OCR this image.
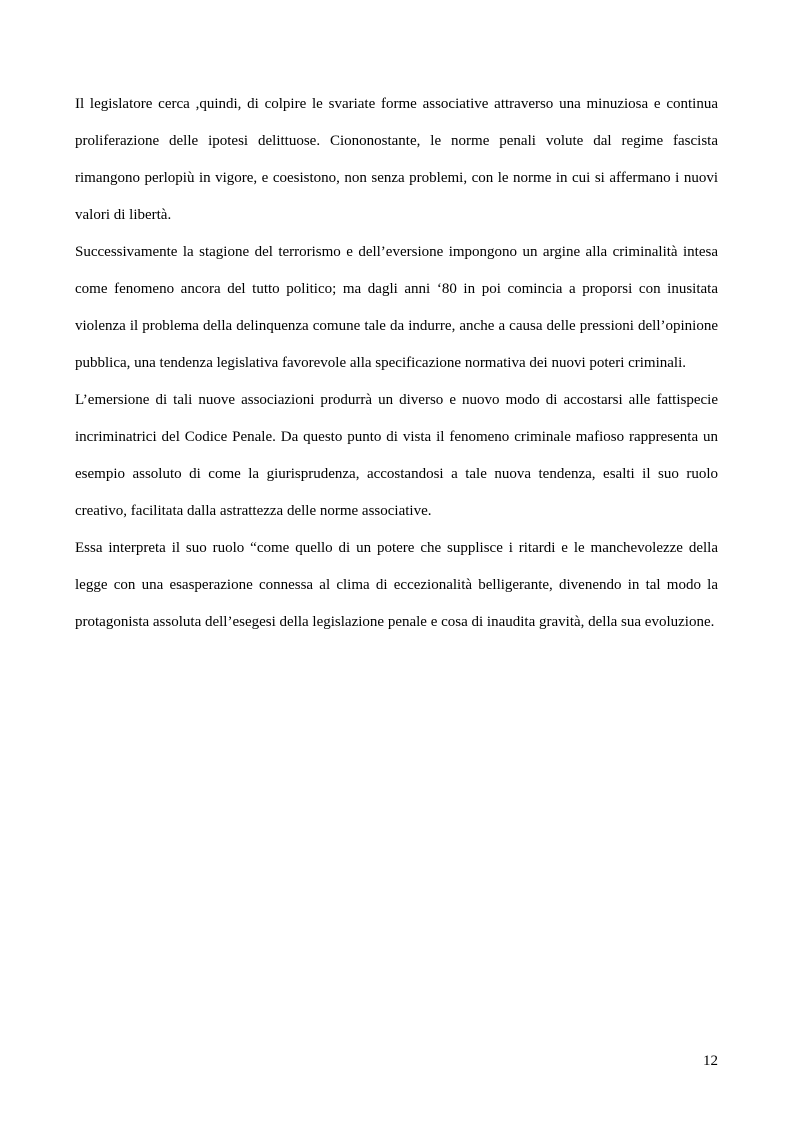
Il legislatore cerca ,quindi, di colpire le svariate forme associative attraverso una minuziosa e continua proliferazione delle ipotesi delittuose. Ciononostante, le norme penali volute dal regime fascista rimangono perlopiù in vigore, e coesistono, non senza problemi, con le norme in cui si affermano i nuovi valori di libertà.

Successivamente la stagione del terrorismo e dell’eversione impongono un argine alla criminalità intesa come fenomeno ancora del tutto politico; ma dagli anni ‘80 in poi comincia a proporsi con inusitata violenza il problema della delinquenza comune tale da indurre, anche a causa delle pressioni dell’opinione pubblica, una tendenza legislativa favorevole alla specificazione normativa dei nuovi poteri criminali.

L’emersione di tali nuove associazioni produrrà un diverso e nuovo modo di accostarsi alle fattispecie incriminatrici del Codice Penale. Da questo punto di vista il fenomeno criminale mafioso rappresenta un esempio assoluto di come la giurisprudenza, accostandosi a tale nuova tendenza, esalti il suo ruolo creativo, facilitata dalla astrattezza delle norme associative.

Essa interpreta il suo ruolo “come quello di un potere che supplisce i ritardi e le manchevolezze della legge con una esasperazione connessa al clima di eccezionalità belligerante, divenendo in tal modo la protagonista assoluta dell’esegesi della legislazione penale e cosa di inaudita gravità, della sua evoluzione.

12
